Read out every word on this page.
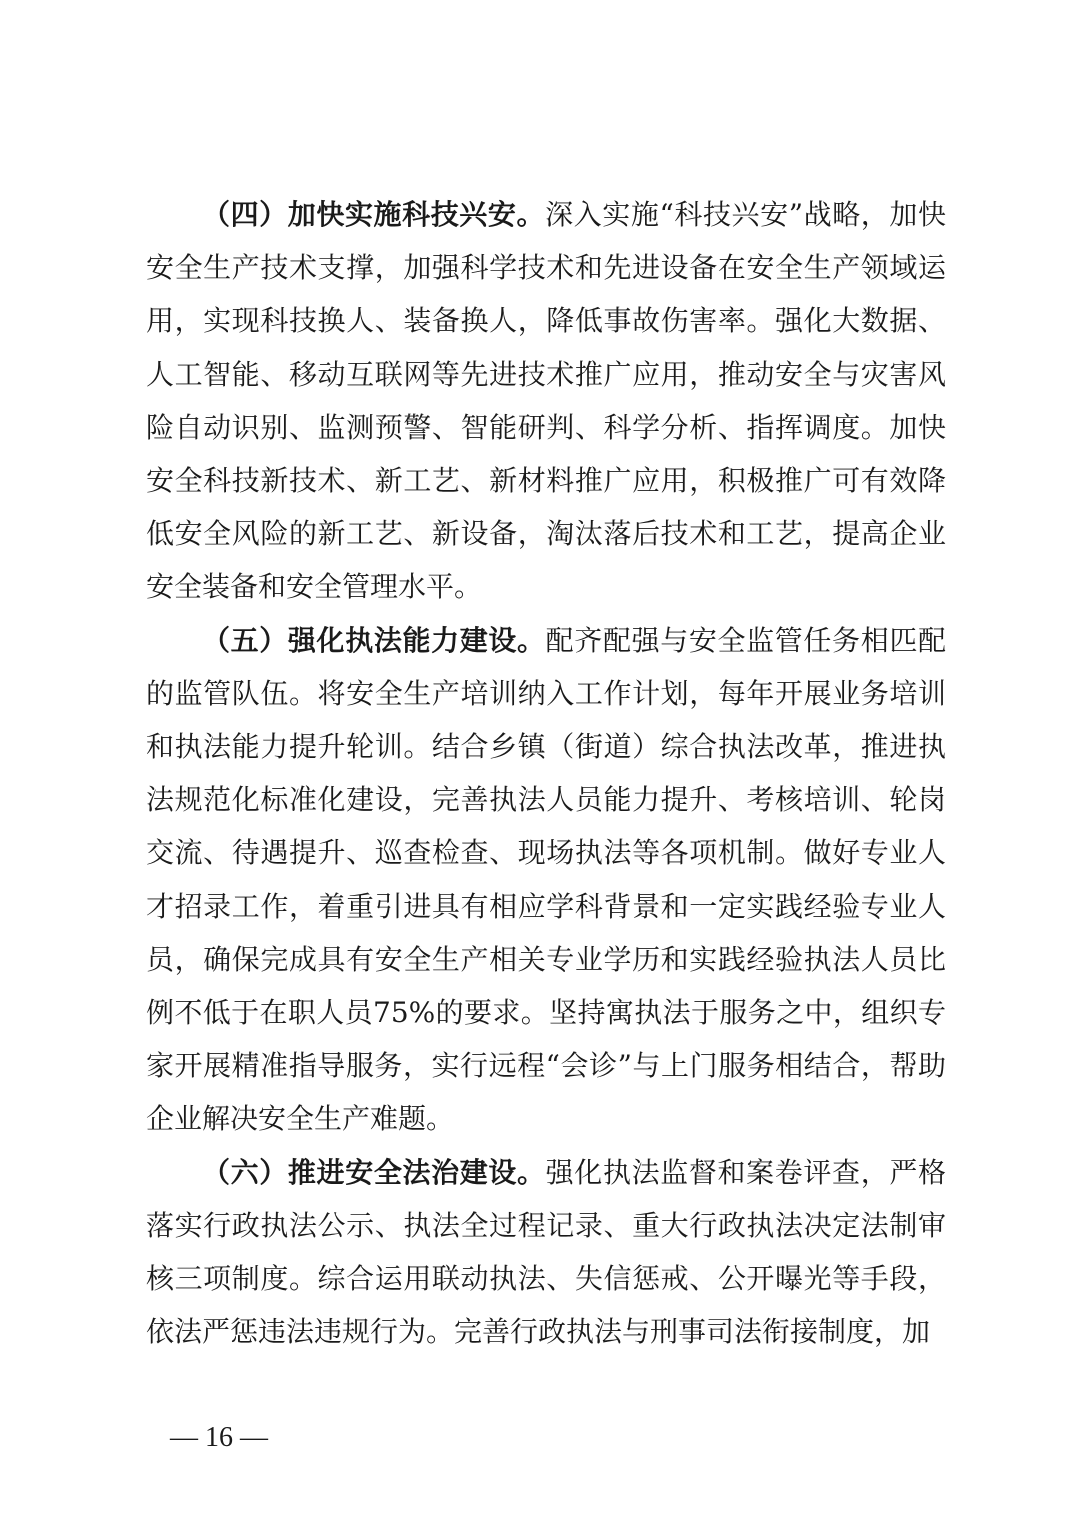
（四）加快实施科技兴安。深入实施“科技兴安”战略，加快安全生产技术支撑，加强科学技术和先进设备在安全生产领域运用，实现科技换人、装备换人，降低事故伤害率。强化大数据、人工智能、移动互联网等先进技术推广应用，推动安全与灾害风险自动识别、监测预警、智能研判、科学分析、指挥调度。加快安全科技新技术、新工艺、新材料推广应用，积极推广可有效降低安全风险的新工艺、新设备，淘汰落后技术和工艺，提高企业安全装备和安全管理水平。

（五）强化执法能力建设。配齐配强与安全监管任务相匹配的监管队伍。将安全生产培训纳入工作计划，每年开展业务培训和执法能力提升轮训。结合乡镇（街道）综合执法改革，推进执法规范化标准化建设，完善执法人员能力提升、考核培训、轮岗交流、待遇提升、巡查检查、现场执法等各项机制。做好专业人才招录工作，着重引进具有相应学科背景和一定实践经验专业人员，确保完成具有安全生产相关专业学历和实践经验执法人员比例不低于在职人员75%的要求。坚持寓执法于服务之中，组织专家开展精准指导服务，实行远程“会诊”与上门服务相结合，帮助企业解决安全生产难题。

（六）推进安全法治建设。强化执法监督和案卷评查，严格落实行政执法公示、执法全过程记录、重大行政执法决定法制审核三项制度。综合运用联动执法、失信惩戒、公开曝光等手段，依法严惩违法违规行为。完善行政执法与刑事司法衔接制度，加

— 16 —
